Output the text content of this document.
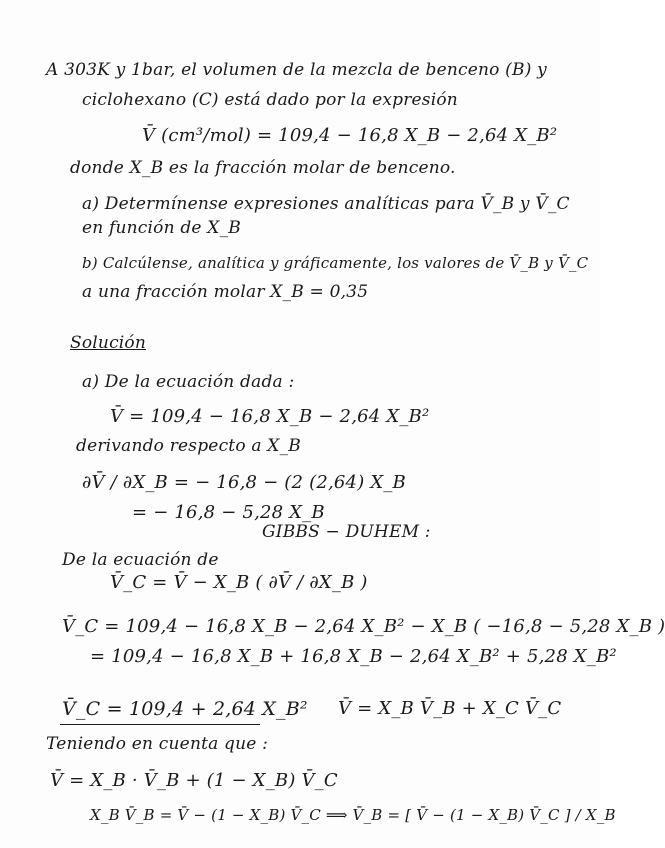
A 303K y 1bar, el volumen de la mezcla de benceno (B) y
ciclohexano (C) está dado por la expresión
V̄ (cm³/mol) = 109,4 − 16,8 X_B − 2,64 X_B²
donde X_B es la fracción molar de benceno.
a) Determínense expresiones analíticas para V̄_B y V̄_C
en función de X_B
b) Calcúlense, analítica y gráficamente, los valores de V̄_B y V̄_C
a una fracción molar X_B = 0,35
Solución
a) De la ecuación dada :
V̄ = 109,4 − 16,8 X_B − 2,64 X_B²
derivando respecto a X_B
∂V̄ / ∂X_B = − 16,8 − (2 (2,64) X_B
= − 16,8 − 5,28 X_B
GIBBS − DUHEM :
De la ecuación de
V̄_C = V̄ − X_B ( ∂V̄ / ∂X_B )
V̄_C = 109,4 − 16,8 X_B − 2,64 X_B² − X_B ( −16,8 − 5,28 X_B )
= 109,4 − 16,8 X_B + 16,8 X_B − 2,64 X_B² + 5,28 X_B²
V̄_C = 109,4 + 2,64 X_B²
Teniendo en cuenta que :
V̄ = X_B V̄_B + X_C V̄_C
V̄ = X_B · V̄_B + (1 − X_B) V̄_C
X_B V̄_B = V̄ − (1 − X_B) V̄_C ⟹ V̄_B = [ V̄ − (1 − X_B) V̄_C ] / X_B
